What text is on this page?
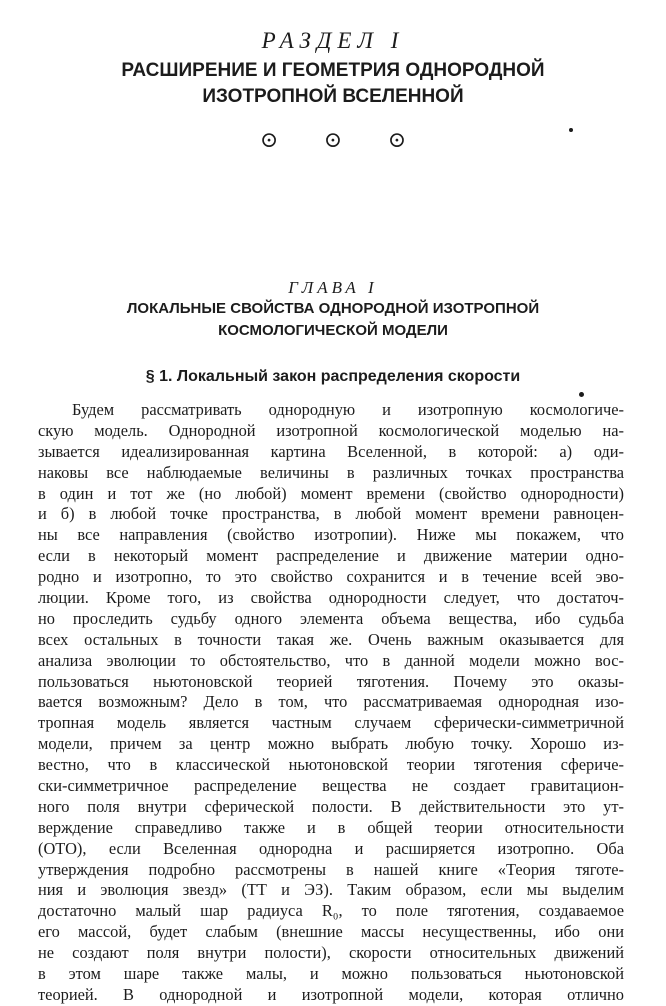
РАЗДЕЛ I
РАСШИРЕНИЕ И ГЕОМЕТРИЯ ОДНОРОДНОЙ
ИЗОТРОПНОЙ ВСЕЛЕННОЙ
⊙ ⊙ ⊙
ГЛАВА I
ЛОКАЛЬНЫЕ СВОЙСТВА ОДНОРОДНОЙ ИЗОТРОПНОЙ
КОСМОЛОГИЧЕСКОЙ МОДЕЛИ
§ 1. Локальный закон распределения скорости
Будем рассматривать однородную и изотропную космологиче-
скую модель. Однородной изотропной космологической моделью на-
зывается идеализированная картина Вселенной, в которой: а) оди-
наковы все наблюдаемые величины в различных точках пространства
в один и тот же (но любой) момент времени (свойство однородности)
и б) в любой точке пространства, в любой момент времени равноцен-
ны все направления (свойство изотропии). Ниже мы покажем, что
если в некоторый момент распределение и движение материи одно-
родно и изотропно, то это свойство сохранится и в течение всей эво-
люции. Кроме того, из свойства однородности следует, что достаточ-
но проследить судьбу одного элемента объема вещества, ибо судьба
всех остальных в точности такая же. Очень важным оказывается для
анализа эволюции то обстоятельство, что в данной модели можно вос-
пользоваться ньютоновской теорией тяготения. Почему это оказы-
вается возможным? Дело в том, что рассматриваемая однородная изо-
тропная модель является частным случаем сферически-симметричной
модели, причем за центр можно выбрать любую точку. Хорошо из-
вестно, что в классической ньютоновской теории тяготения сфериче-
ски-симметричное распределение вещества не создает гравитацион-
ного поля внутри сферической полости. В действительности это ут-
верждение справедливо также и в общей теории относительности
(ОТО), если Вселенная однородна и расширяется изотропно. Оба
утверждения подробно рассмотрены в нашей книге «Теория тяготе-
ния и эволюция звезд» (ТТ и ЭЗ). Таким образом, если мы выделим
достаточно малый шар радиуса R₀, то поле тяготения, создаваемое
его массой, будет слабым (внешние массы несущественны, ибо они
не создают поля внутри полости), скорости относительных движений
в этом шаре также малы, и можно пользоваться ньютоновской
теорией. В однородной и изотропной модели, которая отлично
